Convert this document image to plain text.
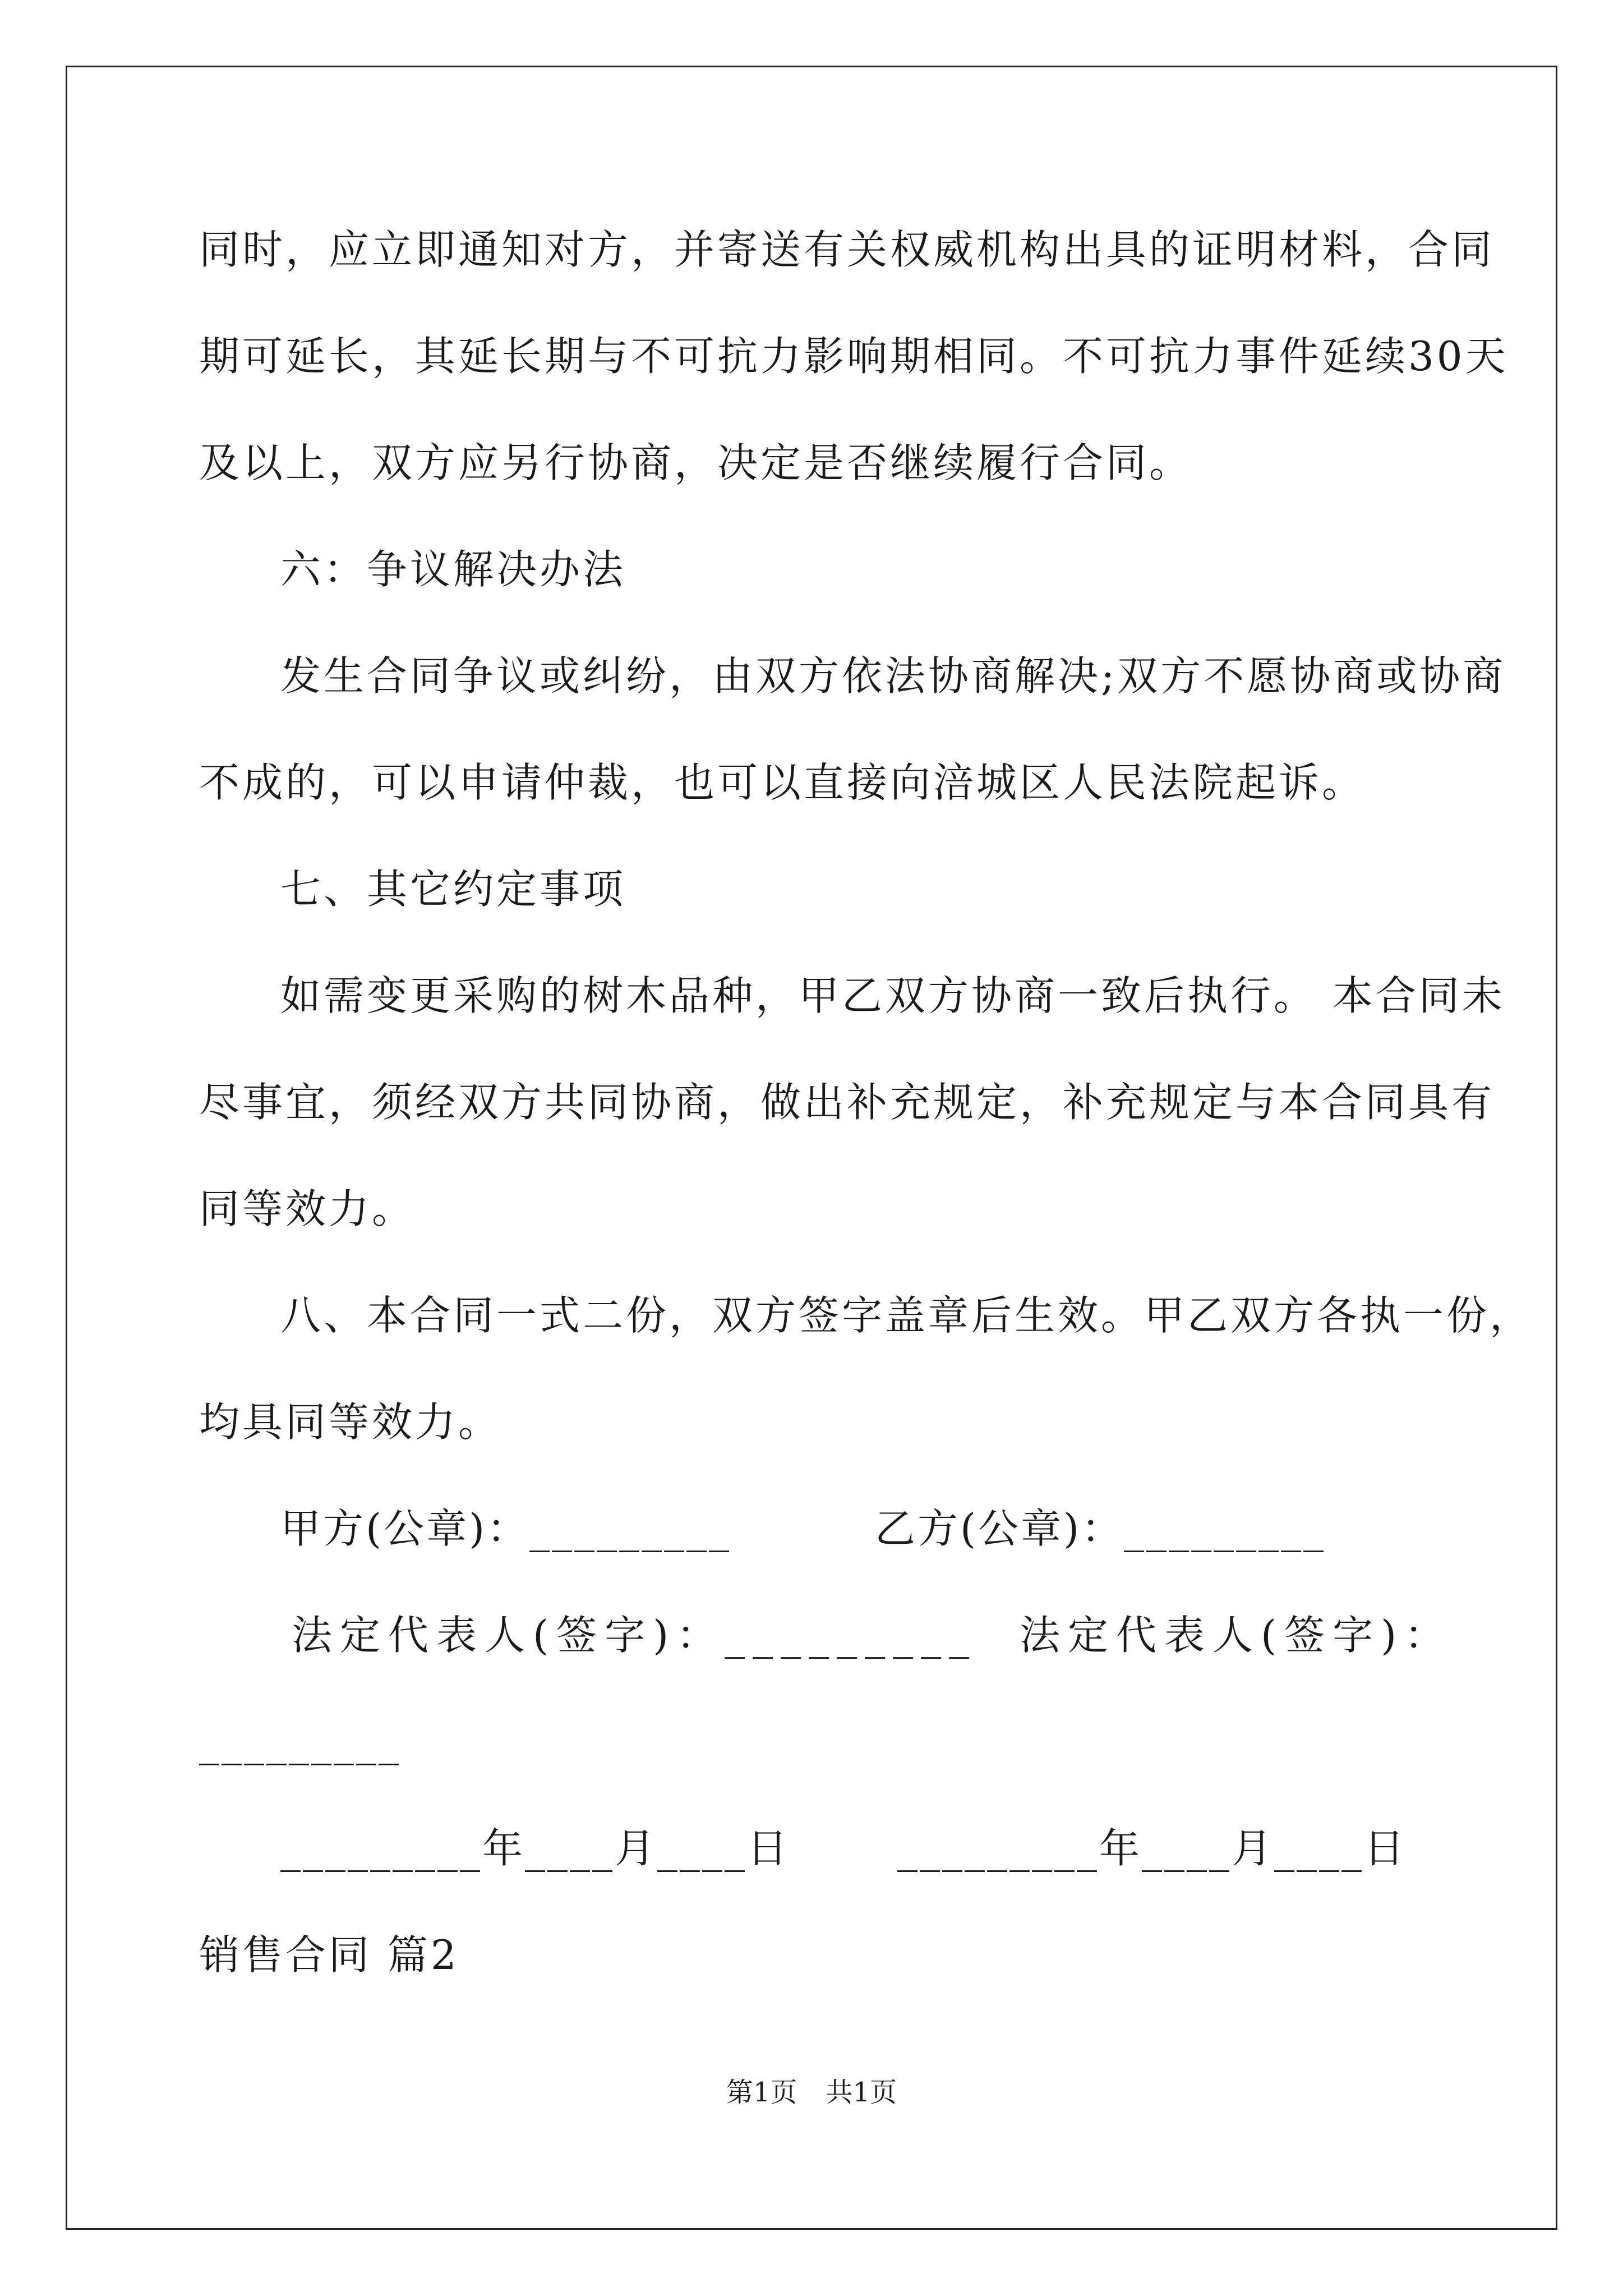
同时，应立即通知对方，并寄送有关权威机构出具的证明材料，合同
期可延长，其延长期与不可抗力影响期相同。不可抗力事件延续30天
及以上，双方应另行协商，决定是否继续履行合同。
六：争议解决办法
发生合同争议或纠纷，由双方依法协商解决;双方不愿协商或协商
不成的，可以申请仲裁，也可以直接向涪城区人民法院起诉。
七、其它约定事项
如需变更采购的树木品种，甲乙双方协商一致后执行。 本合同未
尽事宜，须经双方共同协商，做出补充规定，补充规定与本合同具有
同等效力。
八、本合同一式二份，双方签字盖章后生效。甲乙双方各执一份，
均具同等效力。
甲方(公章)：_________	乙方(公章)：_________
法定代表人(签字)：_________ 法定代表人(签字)：
_________
_________年____月____日	_________年____月____日
销售合同 篇2
第1页 共1页
